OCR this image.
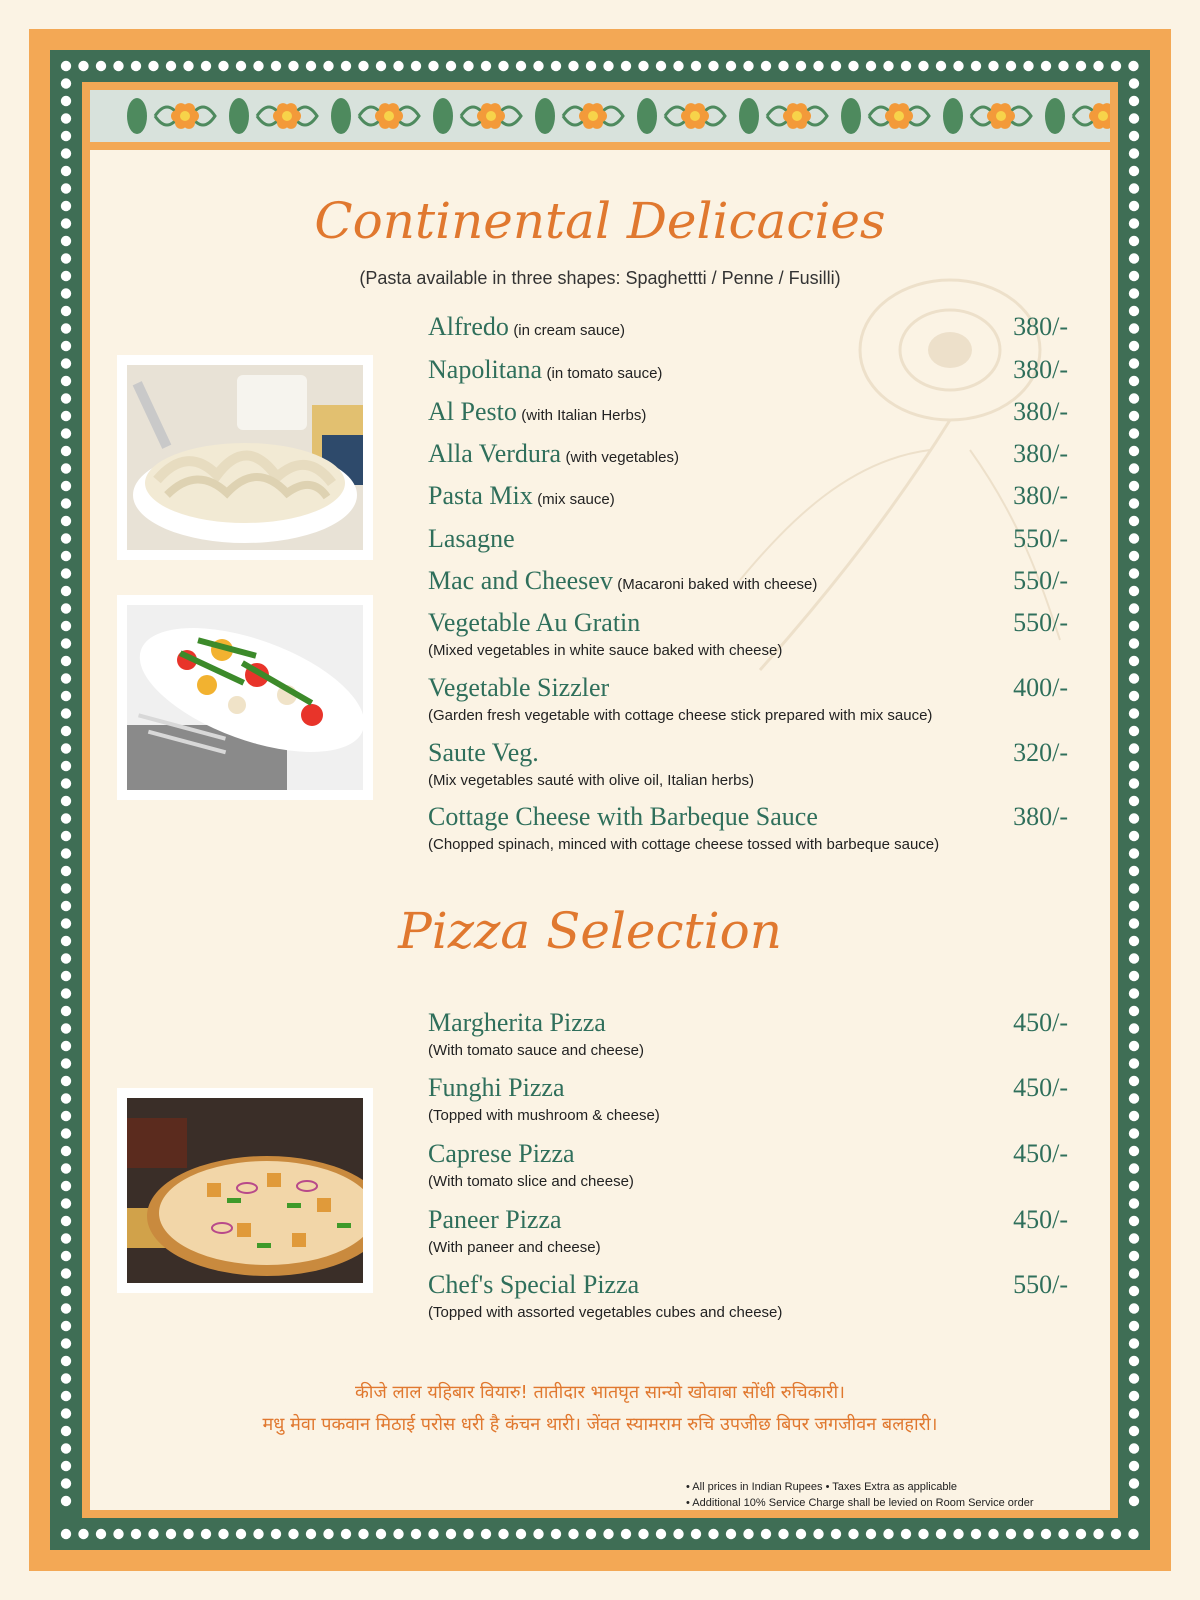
Continental Delicacies
(Pasta available in three shapes: Spaghettti / Penne / Fusilli)
Alfredo (in cream sauce)	380/-
Napolitana (in tomato sauce)	380/-
Al Pesto (with Italian Herbs)	380/-
Alla Verdura (with vegetables)	380/-
Pasta Mix (mix sauce)	380/-
Lasagne	550/-
Mac and Cheesev (Macaroni baked with cheese)	550/-
Vegetable Au Gratin	550/-
(Mixed vegetables in white sauce baked with cheese)
Vegetable Sizzler	400/-
(Garden fresh vegetable with cottage cheese stick prepared with mix sauce)
Saute Veg.	320/-
(Mix vegetables sauté with olive oil, Italian herbs)
Cottage Cheese with Barbeque Sauce	380/-
(Chopped spinach, minced with cottage cheese tossed with barbeque sauce)
Pizza Selection
Margherita Pizza	450/-
(With tomato sauce and cheese)
Funghi Pizza	450/-
(Topped with mushroom & cheese)
Caprese Pizza	450/-
(With tomato slice and cheese)
Paneer Pizza	450/-
(With paneer and cheese)
Chef's Special Pizza	550/-
(Topped with assorted vegetables cubes and cheese)
कीजे लाल यहिबार वियारु! तातीदार भातघृत सान्यो खोवाबा सोंधी रुचिकारी।
मधु मेवा पकवान मिठाई परोस धरी है कंचन थारी। जेंवत स्यामराम रुचि उपजीछ बिपर जगजीवन बलहारी।
• All prices in Indian Rupees • Taxes Extra as applicable
• Additional 10% Service Charge shall be levied on Room Service order
